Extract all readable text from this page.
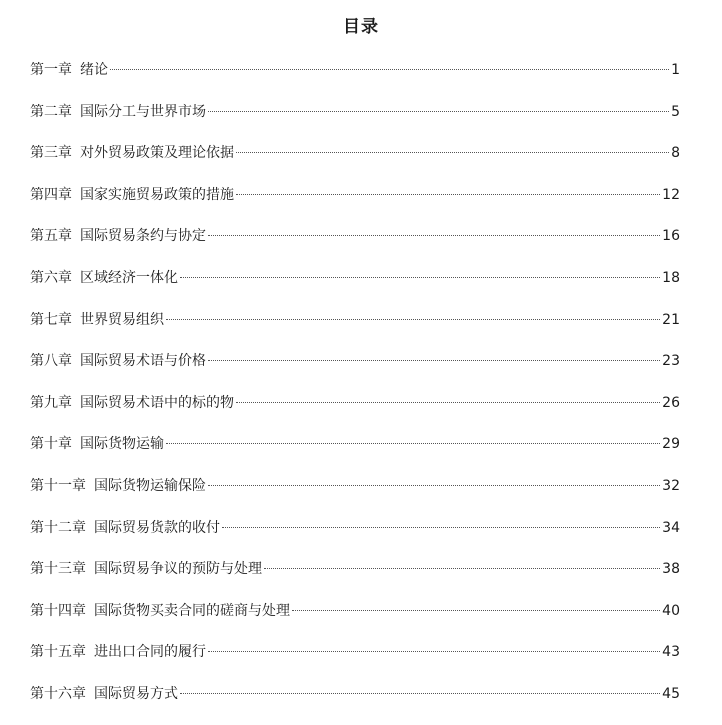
目录
第一章 绪论	1
第二章 国际分工与世界市场	5
第三章 对外贸易政策及理论依据	8
第四章 国家实施贸易政策的措施	12
第五章 国际贸易条约与协定	16
第六章 区域经济一体化	18
第七章 世界贸易组织	21
第八章 国际贸易术语与价格	23
第九章 国际贸易术语中的标的物	26
第十章 国际货物运输	29
第十一章 国际货物运输保险	32
第十二章 国际贸易货款的收付	34
第十三章 国际贸易争议的预防与处理	38
第十四章 国际货物买卖合同的磋商与处理	40
第十五章 进出口合同的履行	43
第十六章 国际贸易方式	45
